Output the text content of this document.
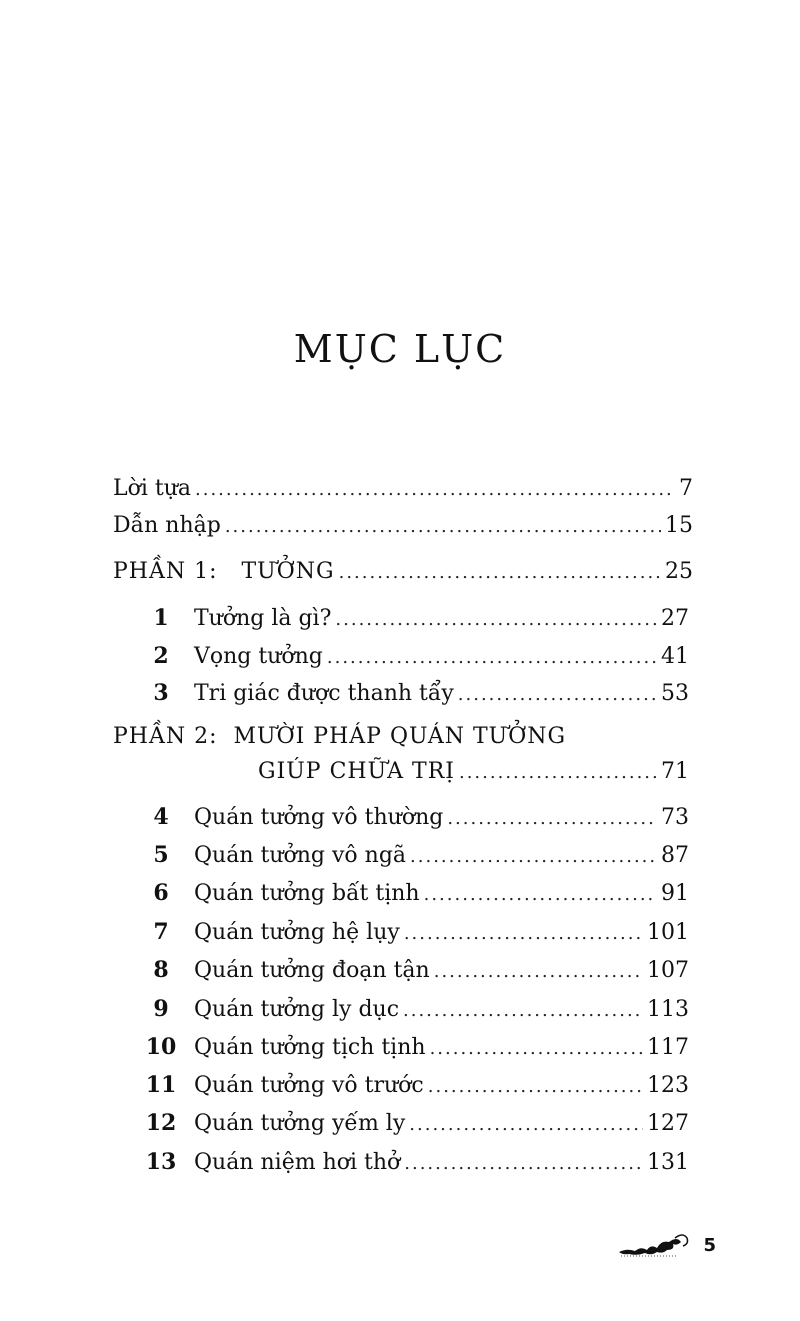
MỤC LỤC
Lời tựa .....	7
Dẫn nhập .....	15
PHẦN 1:   TƯỞNG .....	25
1	Tưởng là gì? .....	27
2	Vọng tưởng .....	41
3	Tri giác được thanh tẩy .....	53
PHẦN 2:  MƯỜI PHÁP QUÁN TƯỞNG
GIÚP CHỮA TRỊ .....	71
4	Quán tưởng vô thường .....	73
5	Quán tưởng vô ngã .....	87
6	Quán tưởng bất tịnh .....	91
7	Quán tưởng hệ lụy .....	101
8	Quán tưởng đoạn tận .....	107
9	Quán tưởng ly dục .....	113
10 Quán tưởng tịch tịnh .....	117
11 Quán tưởng vô trước .....	123
12 Quán tưởng yếm ly .....	127
13 Quán niệm hơi thở .....	131
5
